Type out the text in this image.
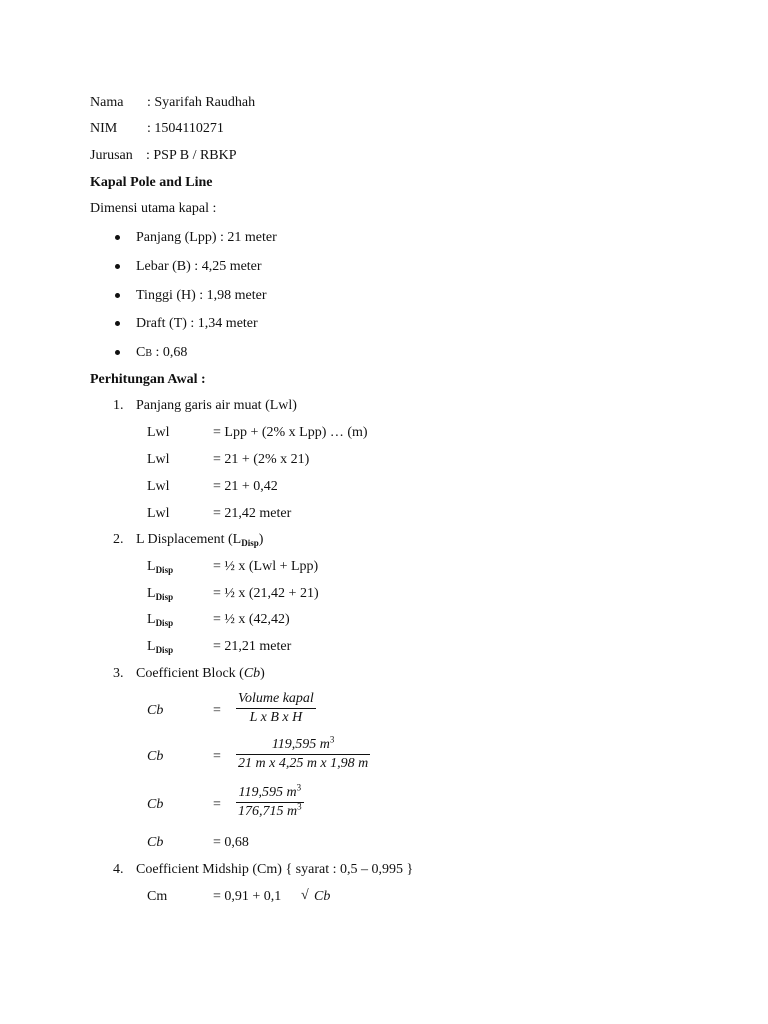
Nama : Syarifah Raudhah
NIM : 1504110271
Jurusan : PSP B / RBKP
Kapal Pole and Line
Dimensi utama kapal :
Panjang (Lpp) : 21 meter
Lebar (B) : 4,25 meter
Tinggi (H) : 1,98 meter
Draft (T) : 1,34 meter
CB : 0,68
Perhitungan Awal :
1. Panjang garis air muat (Lwl)
Lwl	= Lpp + (2% x Lpp) … (m)
Lwl	= 21 + (2% x 21)
Lwl	= 21 + 0,42
Lwl	= 21,42 meter
2. L Displacement $(L_{Disp})$
$L_{Disp}$	= ½ x (Lwl + Lpp)
$L_{Disp}$	= ½ x (21,42 + 21)
$L_{Disp}$	= ½ x (42,42)
$L_{Disp}$	= 21,21 meter
3. Coefficient Block (Cb)
Cb	=
Volume kapal
L x B x H
Cb	= $\frac{119,595 m^3}{\text{21 m x 4,25 m x 1,98 m}}$
Cb	= $\frac{119,595 m^3}{176,715 m^3}$
Cb	= 0,68
4. Coefficient Midship (Cm) { syarat : 0,5 – 0,995 }
Cm	= 0,91 + 0,1 √ Cb
